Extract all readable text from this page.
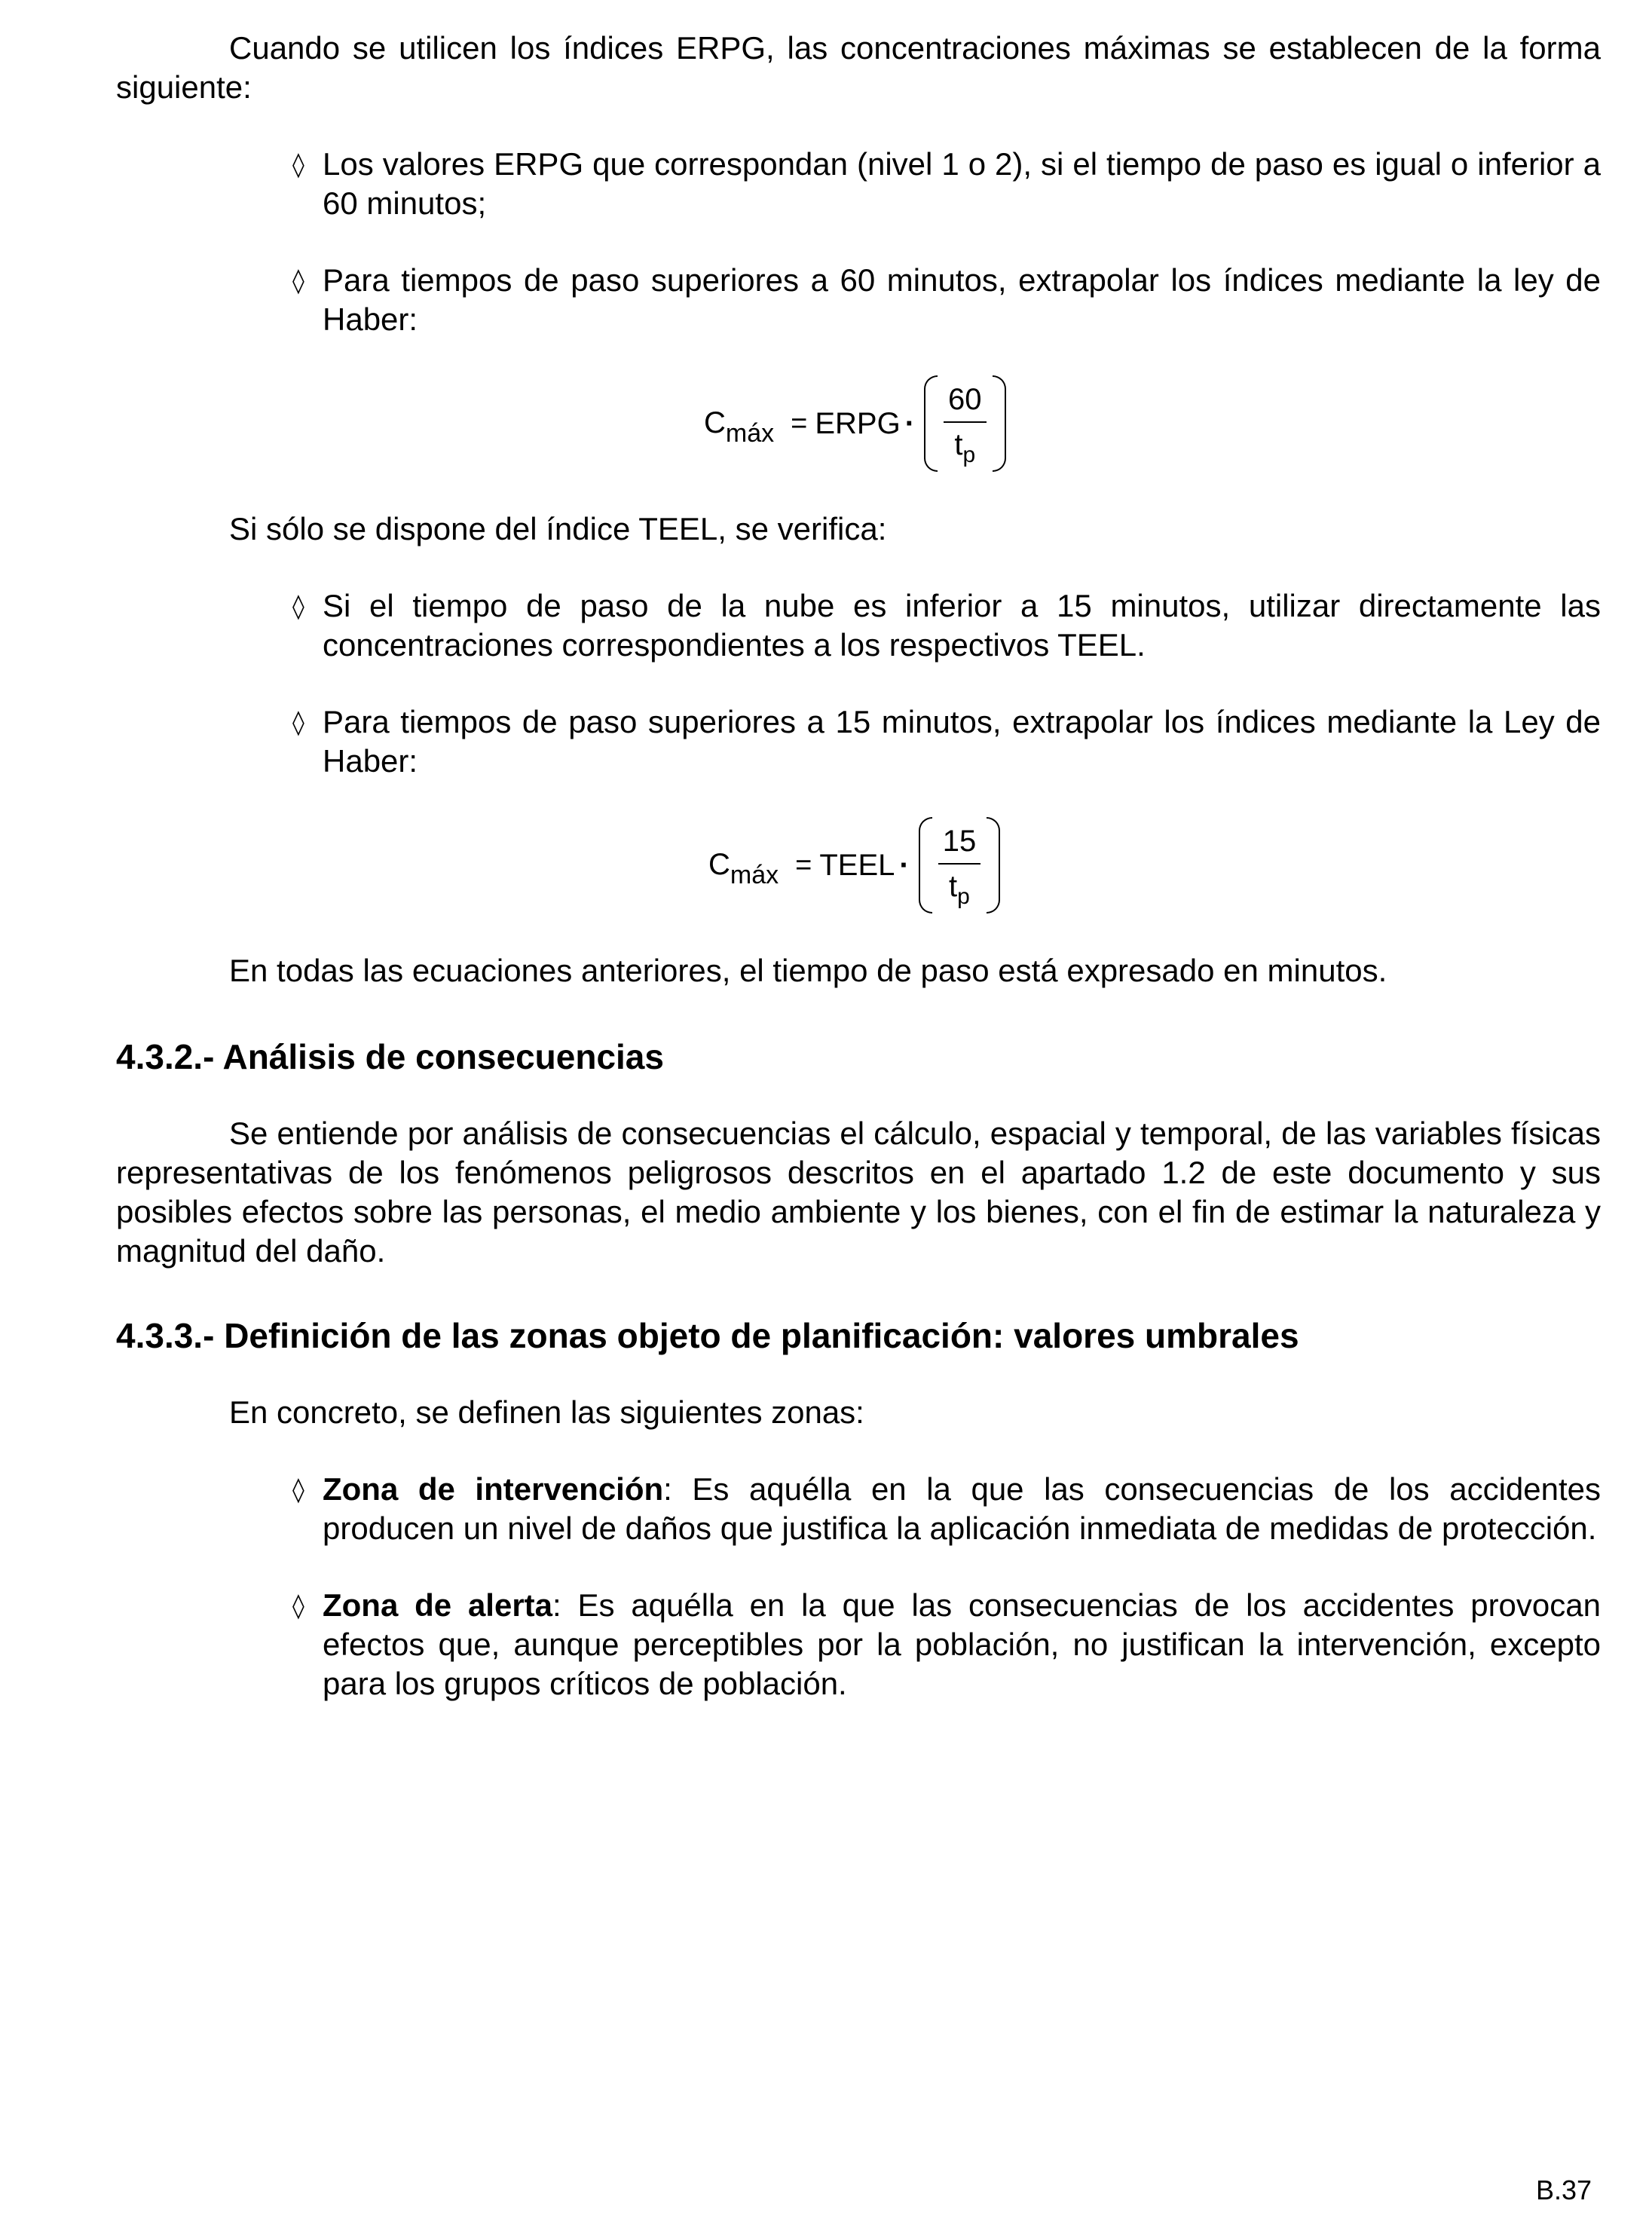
Cuando se utilicen los índices ERPG, las concentraciones máximas se establecen de la forma siguiente:

◊ Los valores ERPG que correspondan (nivel 1 o 2), si el tiempo de paso es igual o inferior a 60 minutos;

◊ Para tiempos de paso superiores a 60 minutos, extrapolar los índices mediante la ley de Haber:

$C_{máx}$ = ERPG · $\frac{60}{t_p}$

Si sólo se dispone del índice TEEL, se verifica:

◊ Si el tiempo de paso de la nube es inferior a 15 minutos, utilizar directamente las concentraciones correspondientes a los respectivos TEEL.

◊ Para tiempos de paso superiores a 15 minutos, extrapolar los índices mediante la Ley de Haber:

$C_{máx}$ = TEEL · $\frac{15}{t_p}$

En todas las ecuaciones anteriores, el tiempo de paso está expresado en minutos.

4.3.2.- Análisis de consecuencias

Se entiende por análisis de consecuencias el cálculo, espacial y temporal, de las variables físicas representativas de los fenómenos peligrosos descritos en el apartado 1.2 de este documento y sus posibles efectos sobre las personas, el medio ambiente y los bienes, con el fin de estimar la naturaleza y magnitud del daño.

4.3.3.- Definición de las zonas objeto de planificación: valores umbrales

En concreto, se definen las siguientes zonas:

◊ Zona de intervención: Es aquélla en la que las consecuencias de los accidentes producen un nivel de daños que justifica la aplicación inmediata de medidas de protección.

◊ Zona de alerta: Es aquélla en la que las consecuencias de los accidentes provocan efectos que, aunque perceptibles por la población, no justifican la intervención, excepto para los grupos críticos de población.

B.37
